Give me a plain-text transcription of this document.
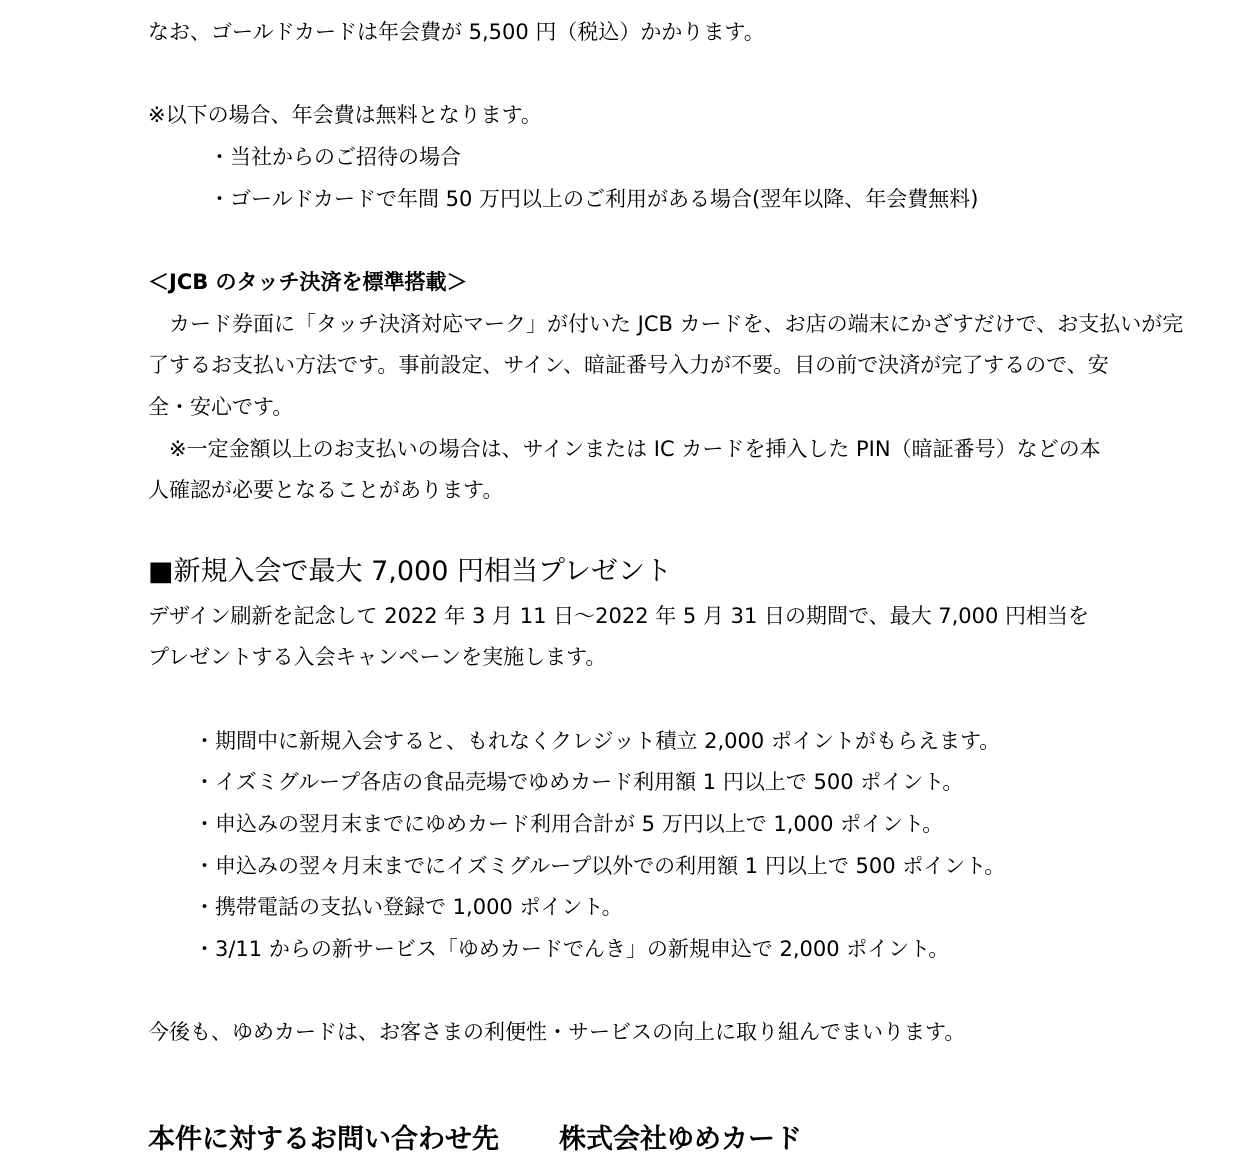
なお、ゴールドカードは年会費が 5,500 円（税込）かかります。
※以下の場合、年会費は無料となります。
・当社からのご招待の場合
・ゴールドカードで年間 50 万円以上のご利用がある場合(翌年以降、年会費無料)
＜JCB のタッチ決済を標準搭載＞
　カード券面に「タッチ決済対応マーク」が付いた JCB カードを、お店の端末にかざすだけで、お支払いが完
了するお支払い方法です。事前設定、サイン、暗証番号入力が不要。目の前で決済が完了するので、安
全・安心です。
　※一定金額以上のお支払いの場合は、サインまたは IC カードを挿入した PIN（暗証番号）などの本
人確認が必要となることがあります。
■新規入会で最大 7,000 円相当プレゼント
デザイン刷新を記念して 2022 年 3 月 11 日～2022 年 5 月 31 日の期間で、最大 7,000 円相当を
プレゼントする入会キャンペーンを実施します。
・期間中に新規入会すると、もれなくクレジット積立 2,000 ポイントがもらえます。
・イズミグループ各店の食品売場でゆめカード利用額 1 円以上で 500 ポイント。
・申込みの翌月末までにゆめカード利用合計が 5 万円以上で 1,000 ポイント。
・申込みの翌々月末までにイズミグループ以外での利用額 1 円以上で 500 ポイント。
・携帯電話の支払い登録で 1,000 ポイント。
・3/11 からの新サービス「ゆめカードでんき」の新規申込で 2,000 ポイント。
今後も、ゆめカードは、お客さまの利便性・サービスの向上に取り組んでまいります。
本件に対するお問い合わせ先 株式会社ゆめカード
